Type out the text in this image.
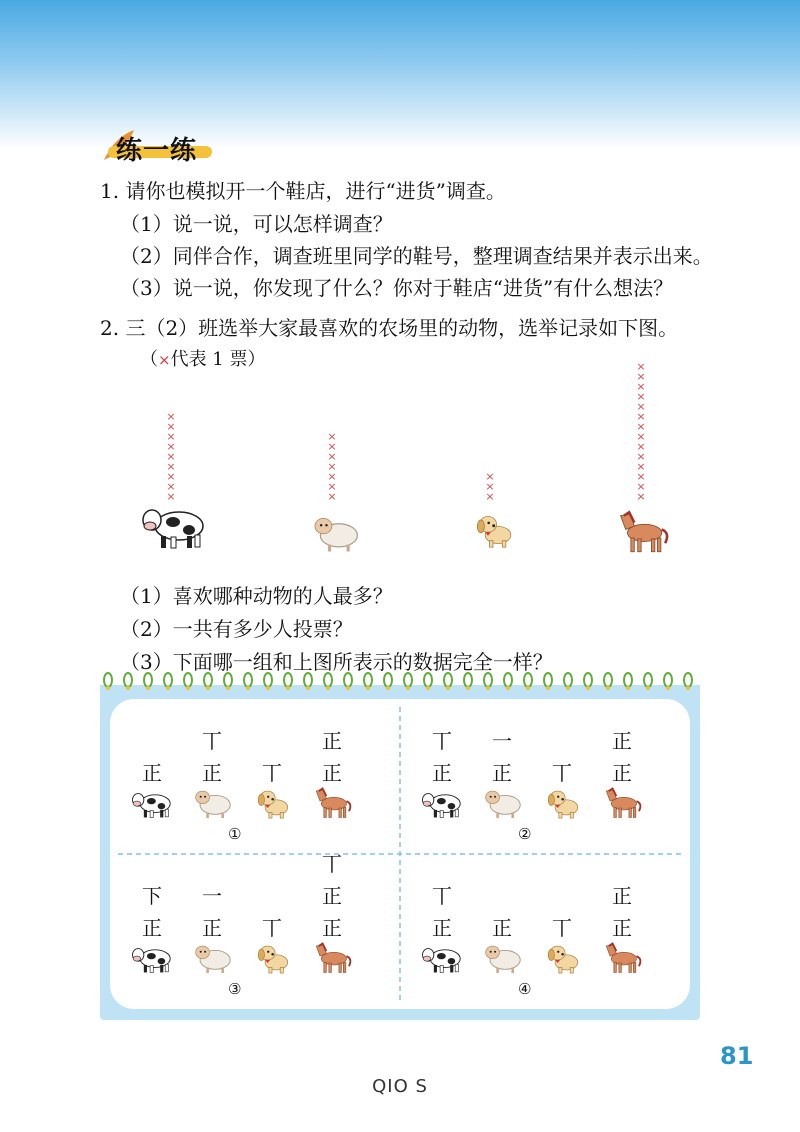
练一练
1. 请你也模拟开一个鞋店，进行“进货”调查。
（1）说一说，可以怎样调查？
（2）同伴合作，调查班里同学的鞋号，整理调查结果并表示出来。
（3）说一说，你发现了什么？你对于鞋店“进货”有什么想法？
2. 三（2）班选举大家最喜欢的农场里的动物，选举记录如下图。
（×代表 1 票）
×
×
×
×
×
×
×
×
×
×
×
×
×
×
×
×
×
×
×
×
×
×
×
×
×
×
×
×
×
×
×
×
×
（1）喜欢哪种动物的人最多？
（2）一共有多少人投票？
（3）下面哪一组和上图所表示的数据完全一样？
正
丅
正 丅
正
正
①
丅
正
一
正 丅
正
正
②
下
正
一
正 丅
丅
正
正
③
丅
正 正 丅
正
正
④
81
QIO S
